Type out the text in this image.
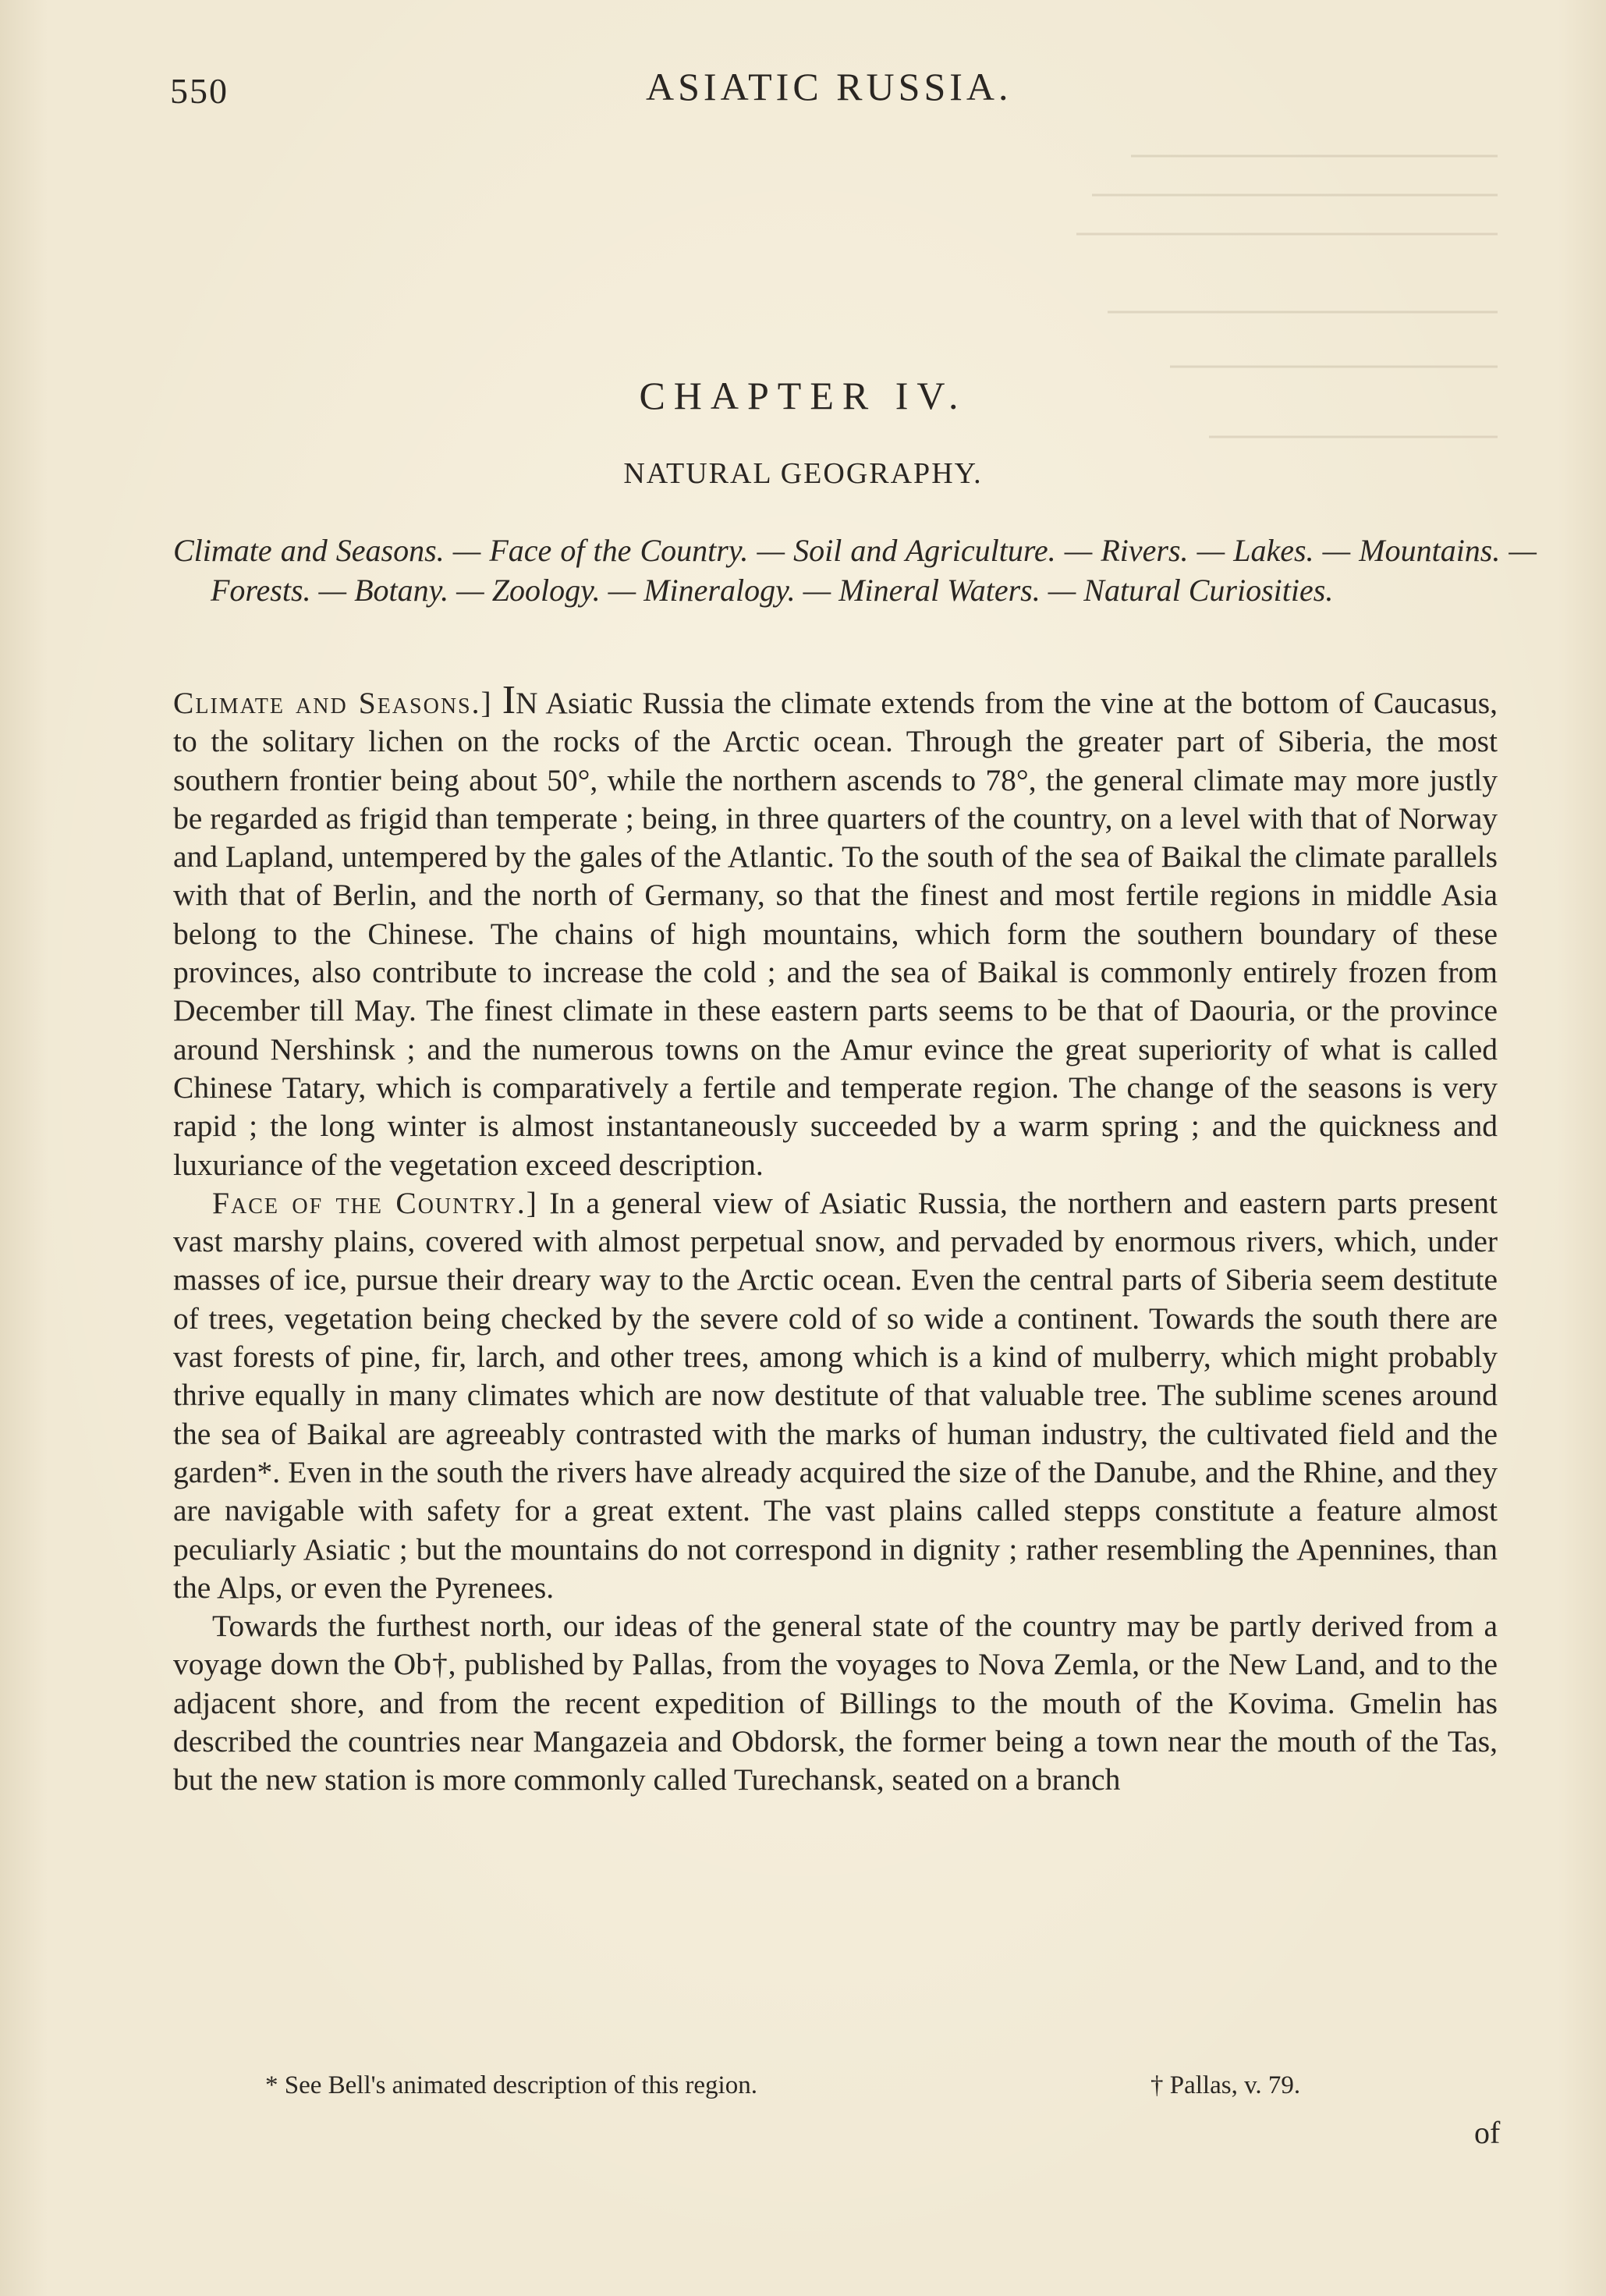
550	ASIATIC RUSSIA.
CHAPTER IV.
NATURAL GEOGRAPHY.
Climate and Seasons. — Face of the Country. — Soil and Agriculture. — Rivers. — Lakes. — Mountains. — Forests. — Botany. — Zoology. — Mineralogy. — Mineral Waters. — Natural Curiosities.

Climate and Seasons.] IN Asiatic Russia the climate extends from the vine at the bottom of Caucasus, to the solitary lichen on the rocks of the Arctic ocean. Through the greater part of Siberia, the most southern frontier being about 50°, while the northern ascends to 78°, the general climate may more justly be regarded as frigid than temperate ; being, in three quarters of the country, on a level with that of Norway and Lapland, untempered by the gales of the Atlantic. To the south of the sea of Baikal the climate parallels with that of Berlin, and the north of Germany, so that the finest and most fertile regions in middle Asia belong to the Chinese. The chains of high mountains, which form the southern boundary of these provinces, also contribute to increase the cold ; and the sea of Baikal is commonly entirely frozen from December till May. The finest climate in these eastern parts seems to be that of Daouria, or the province around Nershinsk ; and the numerous towns on the Amur evince the great superiority of what is called Chinese Tatary, which is comparatively a fertile and temperate region. The change of the seasons is very rapid ; the long winter is almost instantaneously succeeded by a warm spring ; and the quickness and luxuriance of the vegetation exceed description.

Face of the Country.] In a general view of Asiatic Russia, the northern and eastern parts present vast marshy plains, covered with almost perpetual snow, and pervaded by enormous rivers, which, under masses of ice, pursue their dreary way to the Arctic ocean. Even the central parts of Siberia seem destitute of trees, vegetation being checked by the severe cold of so wide a continent. Towards the south there are vast forests of pine, fir, larch, and other trees, among which is a kind of mulberry, which might probably thrive equally in many climates which are now destitute of that valuable tree. The sublime scenes around the sea of Baikal are agreeably contrasted with the marks of human industry, the cultivated field and the garden*. Even in the south the rivers have already acquired the size of the Danube, and the Rhine, and they are navigable with safety for a great extent. The vast plains called stepps constitute a feature almost peculiarly Asiatic ; but the mountains do not correspond in dignity ; rather resembling the Apennines, than the Alps, or even the Pyrenees.

Towards the furthest north, our ideas of the general state of the country may be partly derived from a voyage down the Ob†, published by Pallas, from the voyages to Nova Zemla, or the New Land, and to the adjacent shore, and from the recent expedition of Billings to the mouth of the Kovima. Gmelin has described the countries near Mangazeia and Obdorsk, the former being a town near the mouth of the Tas, but the new station is more commonly called Turechansk, seated on a branch

* See Bell's animated description of this region.	† Pallas, v. 79.
of
